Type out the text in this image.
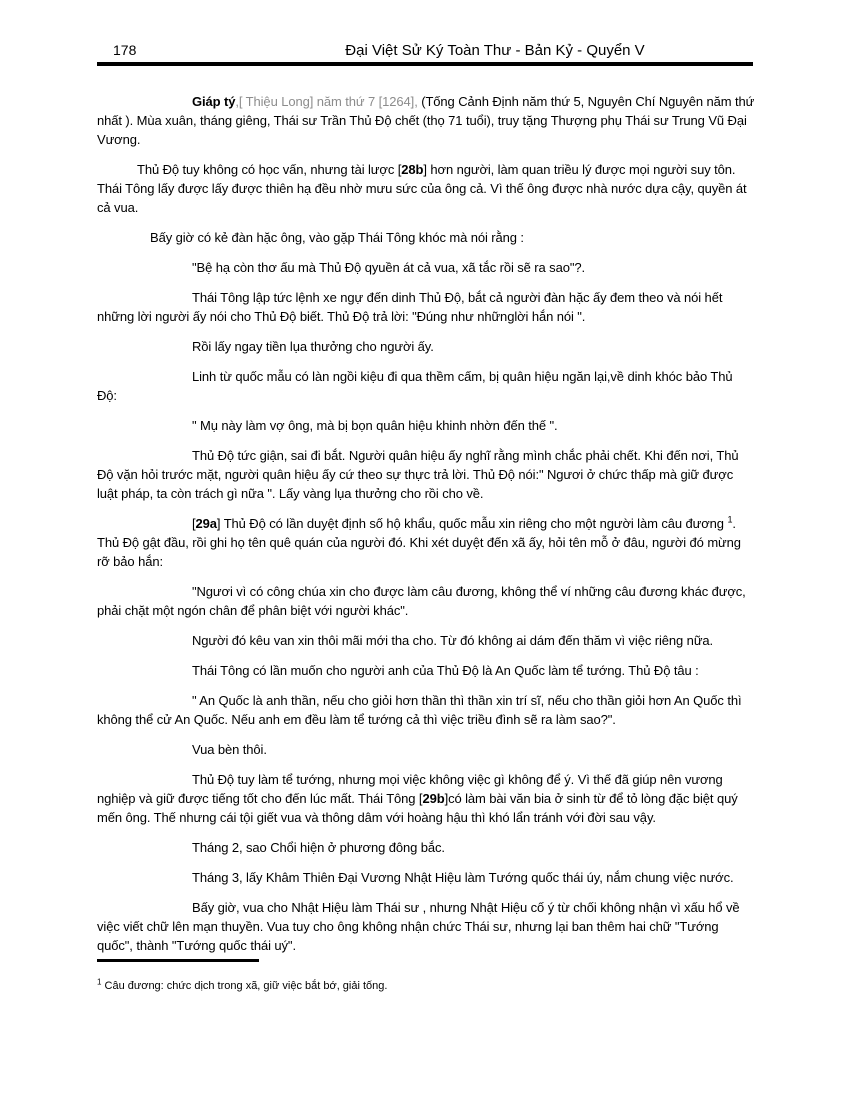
178	Đại Việt Sử Ký Toàn Thư - Bản Kỷ - Quyển V

Giáp tý,[ Thiệu Long] năm thứ 7 [1264], (Tống Cảnh Định năm thứ 5, Nguyên Chí Nguyên năm thứ nhất ). Mùa xuân, tháng giêng, Thái sư Trần Thủ Độ chết (thọ 71 tuổi), truy tặng Thượng phụ Thái sư Trung Vũ Đại Vương.

Thủ Độ tuy không có học vấn, nhưng tài lược [28b] hơn người, làm quan triều lý được mọi người suy tôn. Thái Tông lấy được lấy được thiên hạ đều nhờ mưu sức của ông cả. Vì thế ông được nhà nước dựa cậy, quyền át cả vua.

Bấy giờ có kẻ đàn hặc ông, vào gặp Thái Tông khóc mà nói rằng :

"Bệ hạ còn thơ ấu mà Thủ Độ qyuền át cả vua, xã tắc rồi sẽ ra sao"?.

Thái Tông lập tức lệnh xe ngự đến dinh Thủ Độ, bắt cả người đàn hặc ấy đem theo và nói hết những lời người ấy nói cho Thủ Độ biết. Thủ Độ trả lời: "Đúng như nhữnglời hắn nói ".

Rồi lấy ngay tiền lụa thưởng cho người ấy.

Linh từ quốc mẫu có làn ngồi kiệu đi qua thềm cấm, bị quân hiệu ngăn lại,về dinh khóc bảo Thủ Độ:

" Mụ này làm vợ ông, mà bị bọn quân hiệu khinh nhờn đến thế ".

Thủ Độ tức giận, sai đi bắt. Người quân hiệu ấy nghĩ rằng mình chắc phải chết. Khi đến nơi, Thủ Độ vặn hỏi trước mặt, người quân hiệu ấy cứ theo sự thực trả lời. Thủ Độ nói:" Ngươi ở chức thấp mà giữ được luật pháp, ta còn trách gì nữa ". Lấy vàng lụa thưởng cho rồi cho về.

[29a] Thủ Độ có lần duyệt định số hộ khẩu, quốc mẫu xin riêng cho một người làm câu đương $^1$. Thủ Độ gật đầu, rồi ghi họ tên quê quán của người đó. Khi xét duyệt đến xã ấy, hỏi tên mỗ ở đâu, người đó mừng rỡ bảo hắn:

"Ngươi vì có công chúa xin cho được làm câu đương, không thể ví những câu đương khác được, phải chặt một ngón chân để phân biệt với người khác".

Người đó kêu van xin thôi mãi mới tha cho. Từ đó không ai dám đến thăm vì việc riêng nữa.

Thái Tông có lần muốn cho người anh của Thủ Độ là An Quốc làm tể tướng. Thủ Độ tâu :

" An Quốc là anh thần, nếu cho giỏi hơn thần thì thần xin trí sĩ, nếu cho thần giỏi hơn An Quốc thì không thể cử An Quốc. Nếu anh em đều làm tể tướng cả thì việc triều đình sẽ ra làm sao?".

Vua bèn thôi.

Thủ Độ tuy làm tể tướng, nhưng mọi việc không việc gì không để ý. Vì thế đã giúp nên vương nghiệp và giữ được tiếng tốt cho đến lúc mất. Thái Tông [29b]có làm bài văn bia ở sinh từ để tỏ lòng đặc biệt quý mến ông. Thế nhưng cái tội giết vua và thông dâm với hoàng hậu thì khó lẩn tránh với đời sau vậy.

Tháng 2, sao Chổi hiện ở phương đông bắc.

Tháng 3, lấy Khâm Thiên Đại Vương Nhật Hiệu làm Tướng quốc thái úy, nắm chung việc nước.

Bấy giờ, vua cho Nhật Hiệu làm Thái sư , nhưng Nhật Hiệu cố ý từ chối không nhận vì xấu hổ về việc viết chữ lên mạn thuyền. Vua tuy cho ông không nhận chức Thái sư, nhưng lại ban thêm hai chữ "Tướng quốc", thành "Tướng quốc thái uý".

$^1$ Câu đương: chức dịch trong xã, giữ việc bắt bớ, giải tống.
